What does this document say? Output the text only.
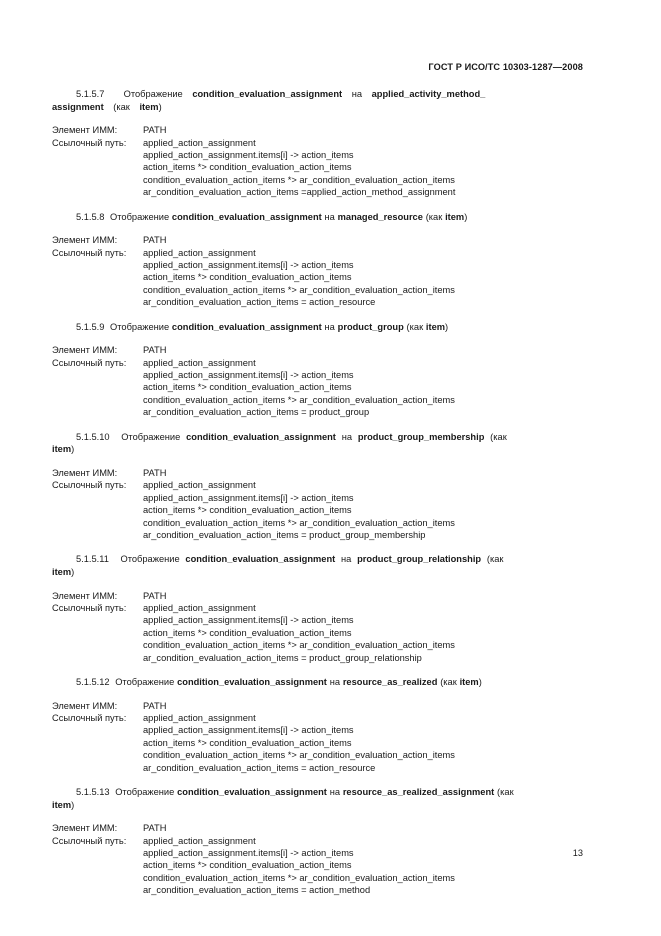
ГОСТ Р ИСО/ТС 10303-1287—2008

5.1.5.7 Отображение condition_evaluation_assignment на applied_activity_method_
assignment (как item)

Элемент ИММ:	PATH
Ссылочный путь:	applied_action_assignment
applied_action_assignment.items[i] -> action_items
action_items *> condition_evaluation_action_items
condition_evaluation_action_items *> ar_condition_evaluation_action_items
ar_condition_evaluation_action_items =applied_action_method_assignment

5.1.5.8 Отображение condition_evaluation_assignment на managed_resource (как item)

Элемент ИММ:	PATH
Ссылочный путь:	applied_action_assignment
applied_action_assignment.items[i] -> action_items
action_items *> condition_evaluation_action_items
condition_evaluation_action_items *> ar_condition_evaluation_action_items
ar_condition_evaluation_action_items = action_resource

5.1.5.9 Отображение condition_evaluation_assignment на product_group (как item)

Элемент ИММ:	PATH
Ссылочный путь:	applied_action_assignment
applied_action_assignment.items[i] -> action_items
action_items *> condition_evaluation_action_items
condition_evaluation_action_items *> ar_condition_evaluation_action_items
ar_condition_evaluation_action_items = product_group

5.1.5.10 Отображение condition_evaluation_assignment на product_group_membership (как
item)

Элемент ИММ:	PATH
Ссылочный путь:	applied_action_assignment
applied_action_assignment.items[i] -> action_items
action_items *> condition_evaluation_action_items
condition_evaluation_action_items *> ar_condition_evaluation_action_items
ar_condition_evaluation_action_items = product_group_membership

5.1.5.11 Отображение condition_evaluation_assignment на product_group_relationship (как
item)

Элемент ИММ:	PATH
Ссылочный путь:	applied_action_assignment
applied_action_assignment.items[i] -> action_items
action_items *> condition_evaluation_action_items
condition_evaluation_action_items *> ar_condition_evaluation_action_items
ar_condition_evaluation_action_items = product_group_relationship

5.1.5.12 Отображение condition_evaluation_assignment на resource_as_realized (как item)

Элемент ИММ:	PATH
Ссылочный путь:	applied_action_assignment
applied_action_assignment.items[i] -> action_items
action_items *> condition_evaluation_action_items
condition_evaluation_action_items *> ar_condition_evaluation_action_items
ar_condition_evaluation_action_items = action_resource

5.1.5.13 Отображение condition_evaluation_assignment на resource_as_realized_assignment (как
item)

Элемент ИММ:	PATH
Ссылочный путь:	applied_action_assignment
applied_action_assignment.items[i] -> action_items
action_items *> condition_evaluation_action_items
condition_evaluation_action_items *> ar_condition_evaluation_action_items
ar_condition_evaluation_action_items = action_method
13
